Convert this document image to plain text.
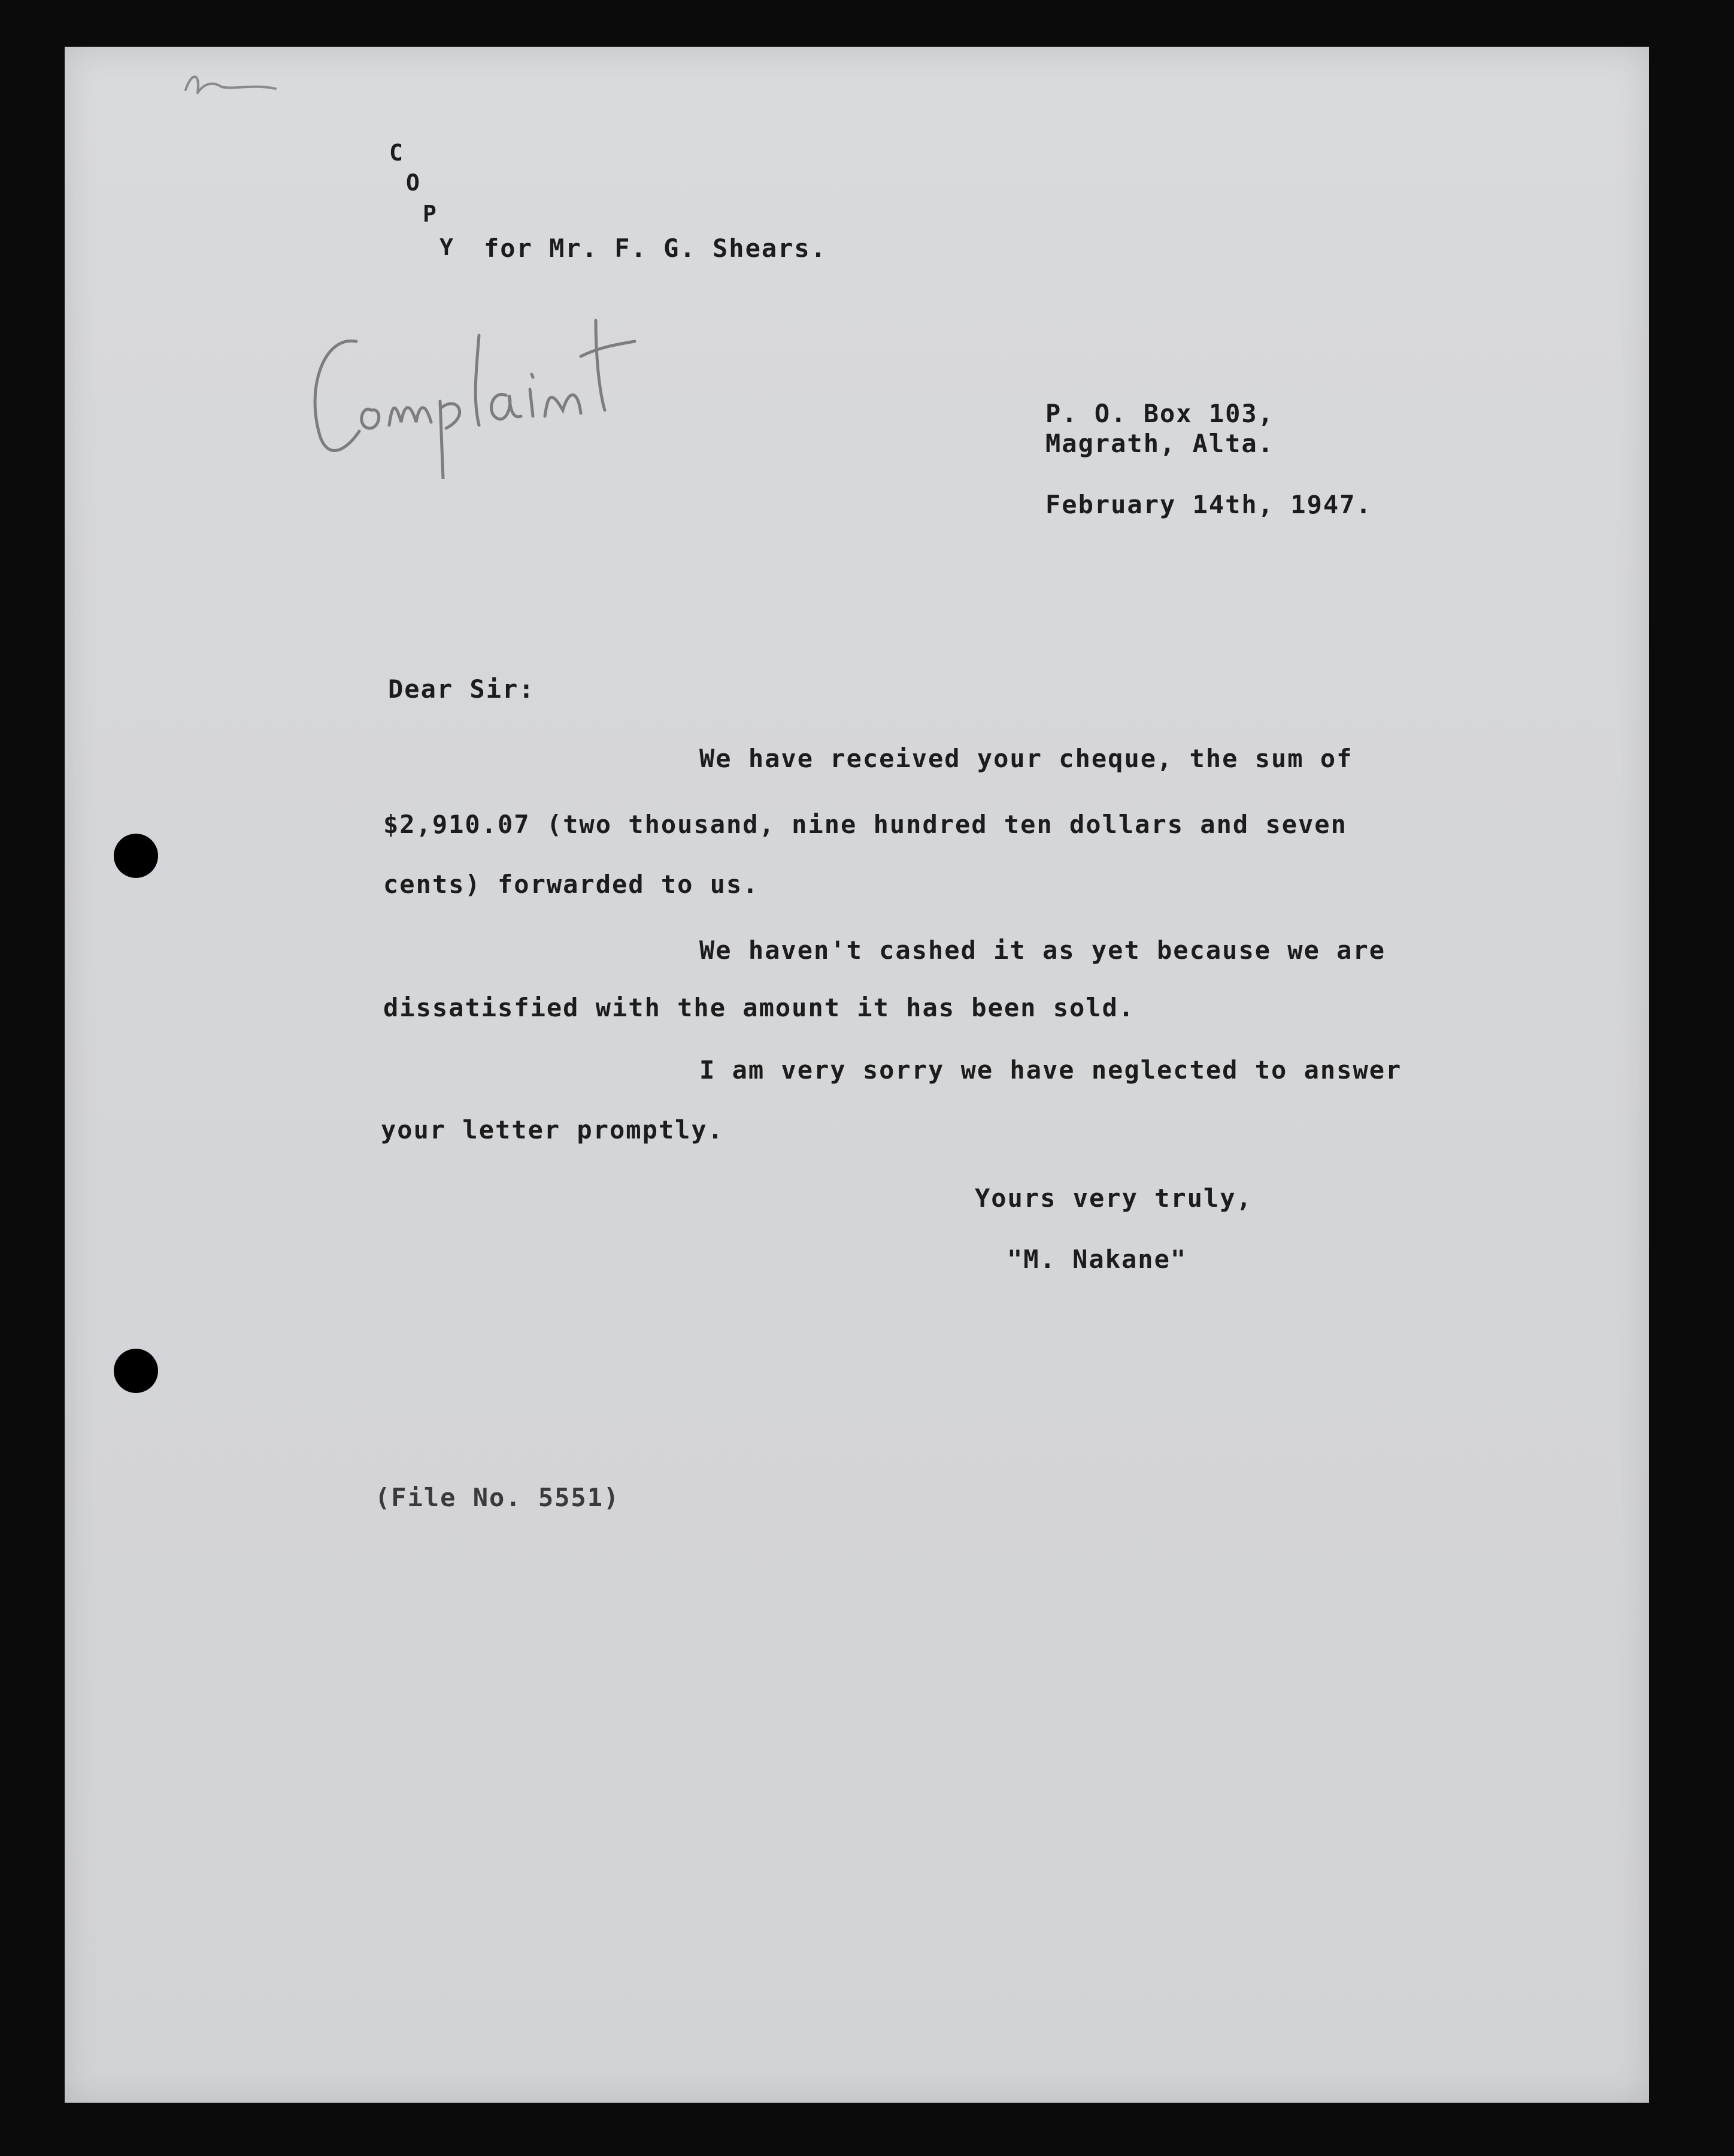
C
O
P
Y for Mr. F. G. Shears.
P. O. Box 103,
Magrath, Alta.
February 14th, 1947.
Dear Sir:
We have received your cheque, the sum of
$2,910.07 (two thousand, nine hundred ten dollars and seven
cents) forwarded to us.
We haven't cashed it as yet because we are
dissatisfied with the amount it has been sold.
I am very sorry we have neglected to answer
your letter promptly.
Yours very truly,
"M. Nakane"
(File No. 5551)
